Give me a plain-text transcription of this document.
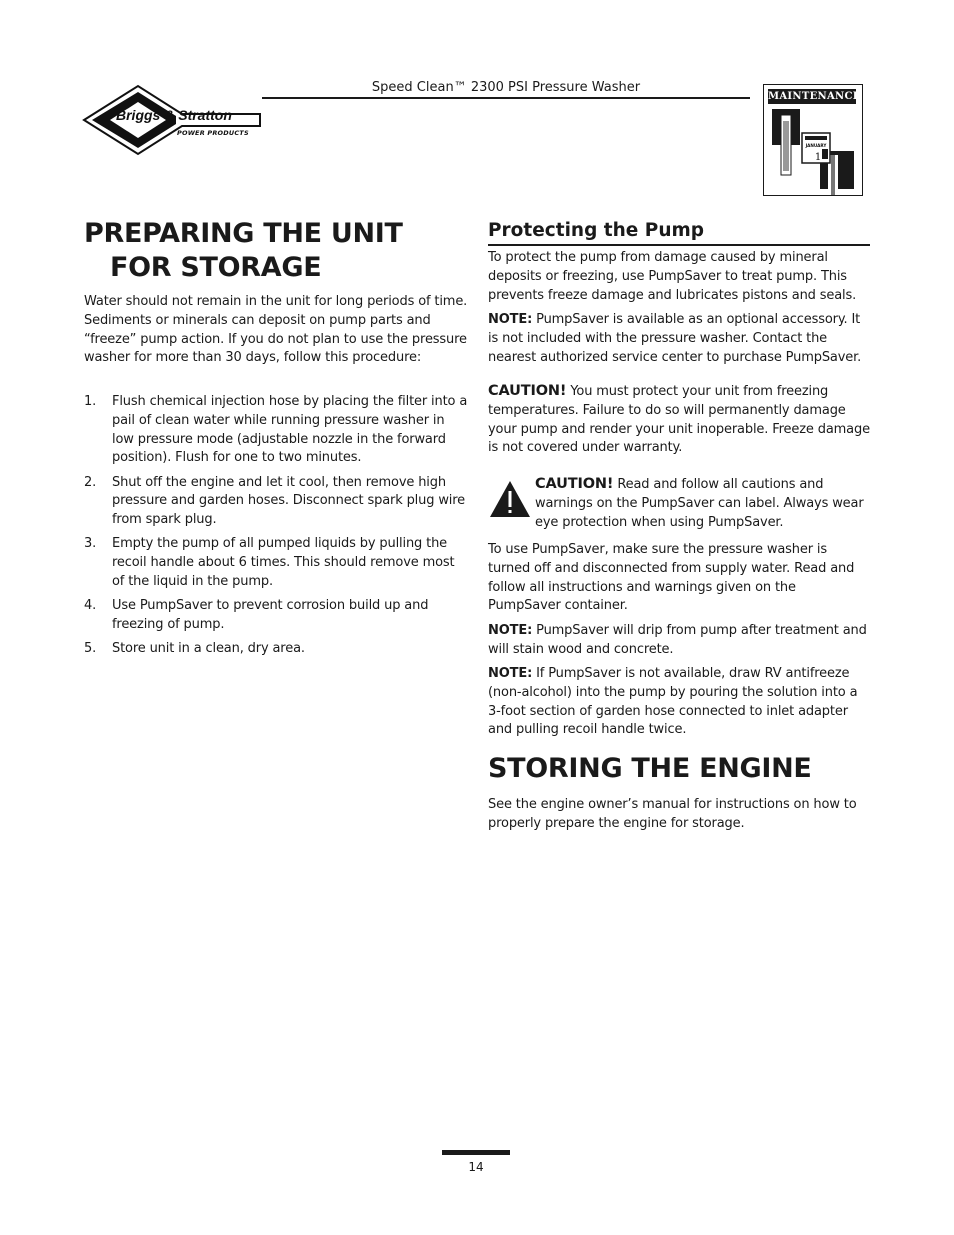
Briggs & Stratton
POWER PRODUCTS
Speed Clean™ 2300 PSI Pressure Washer
MAINTENANCE
JANUARY
1
PREPARING THE UNIT
FOR STORAGE

Water should not remain in the unit for long periods of time. Sediments or minerals can deposit on pump parts and “freeze” pump action. If you do not plan to use the pressure washer for more than 30 days, follow this procedure:

1. Flush chemical injection hose by placing the filter into a pail of clean water while running pressure washer in low pressure mode (adjustable nozzle in the forward position). Flush for one to two minutes.
2. Shut off the engine and let it cool, then remove high pressure and garden hoses. Disconnect spark plug wire from spark plug.
3. Empty the pump of all pumped liquids by pulling the recoil handle about 6 times. This should remove most of the liquid in the pump.
4. Use PumpSaver to prevent corrosion build up and freezing of pump.
5. Store unit in a clean, dry area.
Protecting the Pump

To protect the pump from damage caused by mineral deposits or freezing, use PumpSaver to treat pump. This prevents freeze damage and lubricates pistons and seals.

NOTE: PumpSaver is available as an optional accessory. It is not included with the pressure washer. Contact the nearest authorized service center to purchase PumpSaver.

CAUTION! You must protect your unit from freezing temperatures. Failure to do so will permanently damage your pump and render your unit inoperable. Freeze damage is not covered under warranty.

CAUTION! Read and follow all cautions and warnings on the PumpSaver can label. Always wear eye protection when using PumpSaver.

To use PumpSaver, make sure the pressure washer is turned off and disconnected from supply water. Read and follow all instructions and warnings given on the PumpSaver container.

NOTE: PumpSaver will drip from pump after treatment and will stain wood and concrete.

NOTE: If PumpSaver is not available, draw RV antifreeze (non-alcohol) into the pump by pouring the solution into a 3-foot section of garden hose connected to inlet adapter and pulling recoil handle twice.

STORING THE ENGINE

See the engine owner’s manual for instructions on how to properly prepare the engine for storage.

14
